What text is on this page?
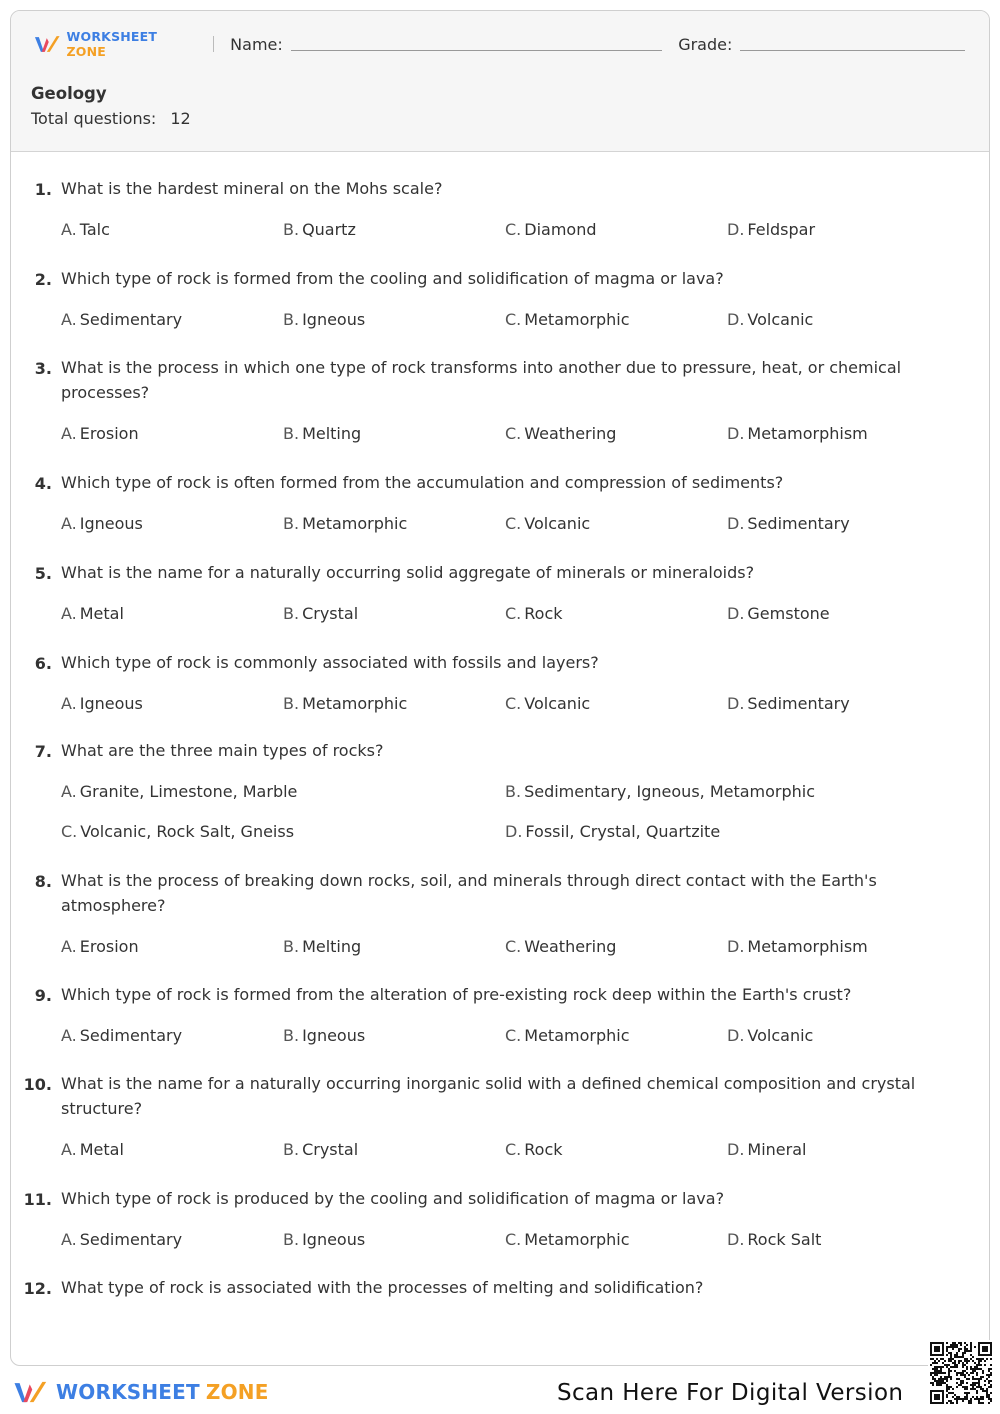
WORKSHEET ZONE	Name:	Grade:
Geology
Total questions: 12
1. What is the hardest mineral on the Mohs scale?
A. Talc	B. Quartz	C. Diamond	D. Feldspar
2. Which type of rock is formed from the cooling and solidification of magma or lava?
A. Sedimentary	B. Igneous	C. Metamorphic	D. Volcanic
3. What is the process in which one type of rock transforms into another due to pressure, heat, or chemical processes?
A. Erosion	B. Melting	C. Weathering	D. Metamorphism
4. Which type of rock is often formed from the accumulation and compression of sediments?
A. Igneous	B. Metamorphic	C. Volcanic	D. Sedimentary
5. What is the name for a naturally occurring solid aggregate of minerals or mineraloids?
A. Metal	B. Crystal	C. Rock	D. Gemstone
6. Which type of rock is commonly associated with fossils and layers?
A. Igneous	B. Metamorphic	C. Volcanic	D. Sedimentary
7. What are the three main types of rocks?
A. Granite, Limestone, Marble	B. Sedimentary, Igneous, Metamorphic
C. Volcanic, Rock Salt, Gneiss	D. Fossil, Crystal, Quartzite
8. What is the process of breaking down rocks, soil, and minerals through direct contact with the Earth's atmosphere?
A. Erosion	B. Melting	C. Weathering	D. Metamorphism
9. Which type of rock is formed from the alteration of pre-existing rock deep within the Earth's crust?
A. Sedimentary	B. Igneous	C. Metamorphic	D. Volcanic
10. What is the name for a naturally occurring inorganic solid with a defined chemical composition and crystal structure?
A. Metal	B. Crystal	C. Rock	D. Mineral
11. Which type of rock is produced by the cooling and solidification of magma or lava?
A. Sedimentary	B. Igneous	C. Metamorphic	D. Rock Salt
12. What type of rock is associated with the processes of melting and solidification?
WORKSHEET ZONE	Scan Here For Digital Version
